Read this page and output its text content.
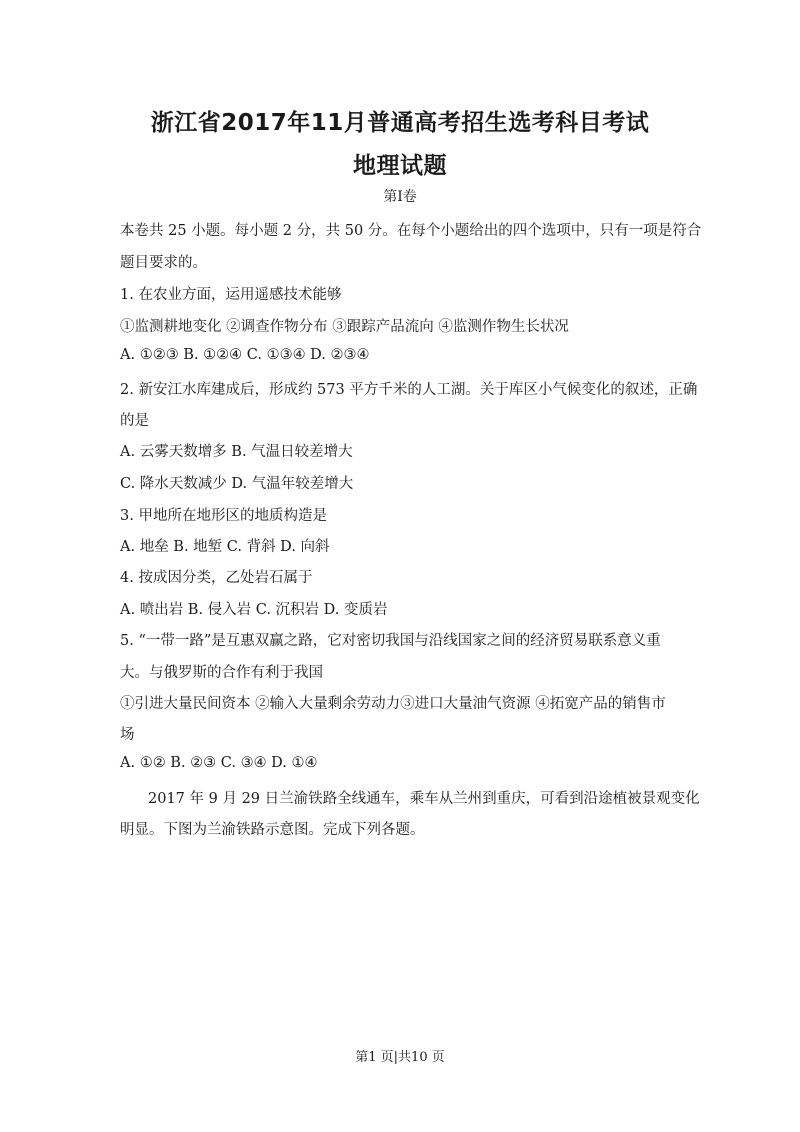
浙江省2017年11月普通高考招生选考科目考试
地理试题
第Ⅰ卷
本卷共 25 小题。每小题 2 分，共 50 分。在每个小题给出的四个选项中，只有一项是符合
题目要求的。
1. 在农业方面，运用遥感技术能够
①监测耕地变化 ②调查作物分布 ③跟踪产品流向 ④监测作物生长状况
A. ①②③ B. ①②④ C. ①③④ D. ②③④
2. 新安江水库建成后，形成约 573 平方千米的人工湖。关于库区小气候变化的叙述，正确
的是
A. 云雾天数增多 B. 气温日较差增大
C. 降水天数减少 D. 气温年较差增大
3. 甲地所在地形区的地质构造是
A. 地垒 B. 地堑 C. 背斜 D. 向斜
4. 按成因分类，乙处岩石属于
A. 喷出岩 B. 侵入岩 C. 沉积岩 D. 变质岩
5. “一带一路”是互惠双赢之路，它对密切我国与沿线国家之间的经济贸易联系意义重
大。与俄罗斯的合作有利于我国
①引进大量民间资本 ②输入大量剩余劳动力③进口大量油气资源 ④拓宽产品的销售市
场
A. ①② B. ②③ C. ③④ D. ①④
2017 年 9 月 29 日兰渝铁路全线通车，乘车从兰州到重庆，可看到沿途植被景观变化
明显。下图为兰渝铁路示意图。完成下列各题。
第1 页|共10 页
